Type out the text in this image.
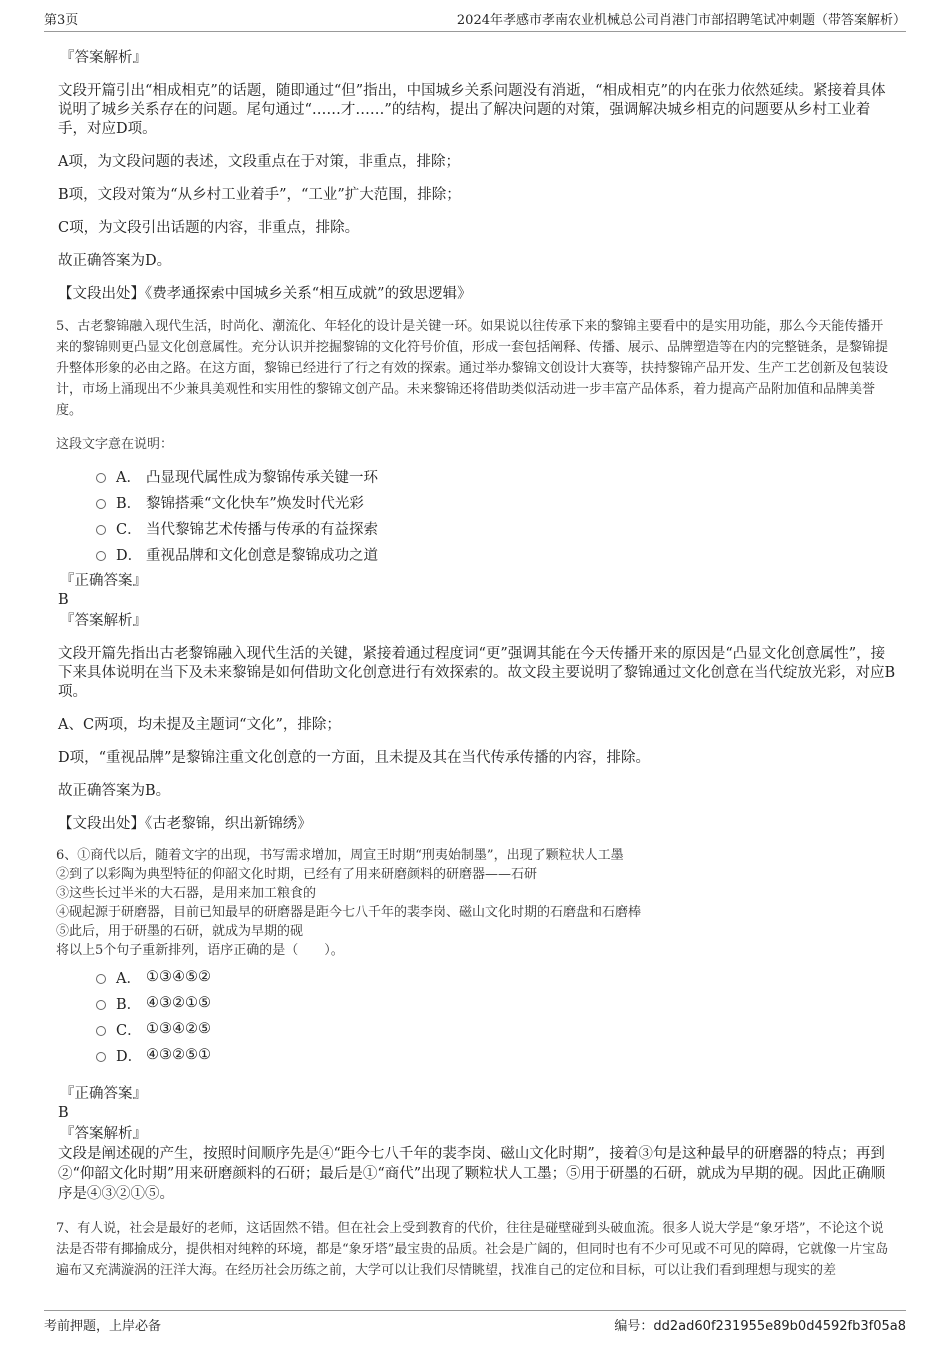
第3页	2024年孝感市孝南农业机械总公司肖港门市部招聘笔试冲刺题（带答案解析）
『答案解析』
文段开篇引出“相成相克”的话题，随即通过“但”指出，中国城乡关系问题没有消逝，“相成相克”的内在张力依然延续。紧接着具体说明了城乡关系存在的问题。尾句通过“……才……”的结构，提出了解决问题的对策，强调解决城乡相克的问题要从乡村工业着手，对应D项。
A项，为文段问题的表述，文段重点在于对策，非重点，排除；
B项，文段对策为“从乡村工业着手”，“工业”扩大范围，排除；
C项，为文段引出话题的内容，非重点，排除。
故正确答案为D。
【文段出处】《费孝通探索中国城乡关系“相互成就”的致思逻辑》
5、古老黎锦融入现代生活，时尚化、潮流化、年轻化的设计是关键一环。如果说以往传承下来的黎锦主要看中的是实用功能，那么今天能传播开来的黎锦则更凸显文化创意属性。充分认识并挖掘黎锦的文化符号价值，形成一套包括阐释、传播、展示、品牌塑造等在内的完整链条，是黎锦提升整体形象的必由之路。在这方面，黎锦已经进行了行之有效的探索。通过举办黎锦文创设计大赛等，扶持黎锦产品开发、生产工艺创新及包装设计，市场上涌现出不少兼具美观性和实用性的黎锦文创产品。未来黎锦还将借助类似活动进一步丰富产品体系，着力提高产品附加值和品牌美誉度。
这段文字意在说明：
A． 凸显现代属性成为黎锦传承关键一环
B． 黎锦搭乘“文化快车”焕发时代光彩
C． 当代黎锦艺术传播与传承的有益探索
D． 重视品牌和文化创意是黎锦成功之道
『正确答案』
B
『答案解析』
文段开篇先指出古老黎锦融入现代生活的关键，紧接着通过程度词“更”强调其能在今天传播开来的原因是“凸显文化创意属性”，接下来具体说明在当下及未来黎锦是如何借助文化创意进行有效探索的。故文段主要说明了黎锦通过文化创意在当代绽放光彩，对应B项。
A、C两项，均未提及主题词“文化”，排除；
D项，“重视品牌”是黎锦注重文化创意的一方面，且未提及其在当代传承传播的内容，排除。
故正确答案为B。
【文段出处】《古老黎锦，织出新锦绣》
6、①商代以后，随着文字的出现，书写需求增加，周宣王时期“刑夷始制墨”，出现了颗粒状人工墨
②到了以彩陶为典型特征的仰韶文化时期，已经有了用来研磨颜料的研磨器——石研
③这些长过半米的大石器，是用来加工粮食的
④砚起源于研磨器，目前已知最早的研磨器是距今七八千年的裴李岗、磁山文化时期的石磨盘和石磨棒
⑤此后，用于研墨的石研，就成为早期的砚
将以上5个句子重新排列，语序正确的是（　　）。
A． ①③④⑤②
B． ④③②①⑤
C． ①③④②⑤
D． ④③②⑤①
『正确答案』
B
『答案解析』
文段是阐述砚的产生，按照时间顺序先是④“距今七八千年的裴李岗、磁山文化时期”，接着③句是这种最早的研磨器的特点；再到②“仰韶文化时期”用来研磨颜料的石研；最后是①“商代”出现了颗粒状人工墨；⑤用于研墨的石研，就成为早期的砚。因此正确顺序是④③②①⑤。
7、有人说，社会是最好的老师，这话固然不错。但在社会上受到教育的代价，往往是碰壁碰到头破血流。很多人说大学是“象牙塔”，不论这个说法是否带有揶揄成分，提供相对纯粹的环境，都是“象牙塔”最宝贵的品质。社会是广阔的，但同时也有不少可见或不可见的障碍，它就像一片宝岛遍布又充满漩涡的汪洋大海。在经历社会历练之前，大学可以让我们尽情眺望，找准自己的定位和目标，可以让我们看到理想与现实的差
考前押题，上岸必备	编号：dd2ad60f231955e89b0d4592fb3f05a8
